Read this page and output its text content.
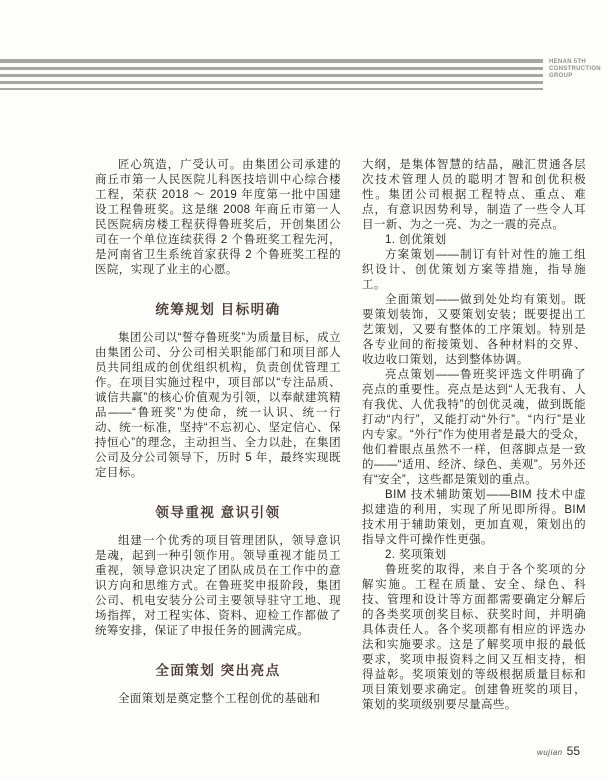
HENAN 5TH
CONSTRUCTION
GROUP

匠心筑造，广受认可。由集团公司承建的商丘市第一人民医院儿科医技培训中心综合楼工程，荣获 2018 ～ 2019 年度第一批中国建设工程鲁班奖。这是继 2008 年商丘市第一人民医院病房楼工程获得鲁班奖后，开创集团公司在一个单位连续获得 2 个鲁班奖工程先河，是河南省卫生系统首家获得 2 个鲁班奖工程的医院，实现了业主的心愿。

统筹规划 目标明确

集团公司以“誓夺鲁班奖”为质量目标，成立由集团公司、分公司相关职能部门和项目部人员共同组成的创优组织机构，负责创优管理工作。在项目实施过程中，项目部以“专注品质、诚信共赢”的核心价值观为引领，以奉献建筑精品——“鲁班奖”为使命，统一认识、统一行动、统一标准，坚持“不忘初心、坚定信心、保持恒心”的理念，主动担当、全力以赴，在集团公司及分公司领导下，历时 5 年，最终实现既定目标。

领导重视 意识引领

组建一个优秀的项目管理团队，领导意识是魂，起到一种引领作用。领导重视才能员工重视，领导意识决定了团队成员在工作中的意识方向和思维方式。在鲁班奖申报阶段，集团公司、机电安装分公司主要领导驻守工地、现场指挥，对工程实体、资料、迎检工作都做了统筹安排，保证了申报任务的圆满完成。

全面策划 突出亮点

全面策划是奠定整个工程创优的基础和

大纲，是集体智慧的结晶，融汇贯通各层次技术管理人员的聪明才智和创优积极性。集团公司根据工程特点、重点、难点，有意识因势利导，制造了一些令人耳目一新、为之一亮、为之一震的亮点。

1. 创优策划

方案策划——制订有针对性的施工组织设计、创优策划方案等措施，指导施工。

全面策划——做到处处均有策划。既要策划装饰，又要策划安装；既要提出工艺策划，又要有整体的工序策划。特别是各专业间的衔接策划、各种材料的交界、收边收口策划，达到整体协调。

亮点策划——鲁班奖评选文件明确了亮点的重要性。亮点是达到“人无我有、人有我优、人优我特”的创优灵魂，做到既能打动“内行”，又能打动“外行”。“内行”是业内专家。“外行”作为使用者是最大的受众，他们着眼点虽然不一样，但落脚点是一致的——“适用、经济、绿色、美观”。另外还有“安全”，这些都是策划的重点。

BIM 技术辅助策划——BIM 技术中虚拟建造的利用，实现了所见即所得。BIM 技术用于辅助策划，更加直观，策划出的指导文件可操作性更强。

2. 奖项策划

鲁班奖的取得，来自于各个奖项的分解实施。工程在质量、安全、绿色、科技、管理和设计等方面都需要确定分解后的各类奖项创奖目标、获奖时间，并明确具体责任人。各个奖项都有相应的评选办法和实施要求。这是了解奖项申报的最低要求，奖项申报资料之间又互相支持，相得益彰。奖项策划的等级根据质量目标和项目策划要求确定。创建鲁班奖的项目，策划的奖项级别要尽量高些。

wujian 55
